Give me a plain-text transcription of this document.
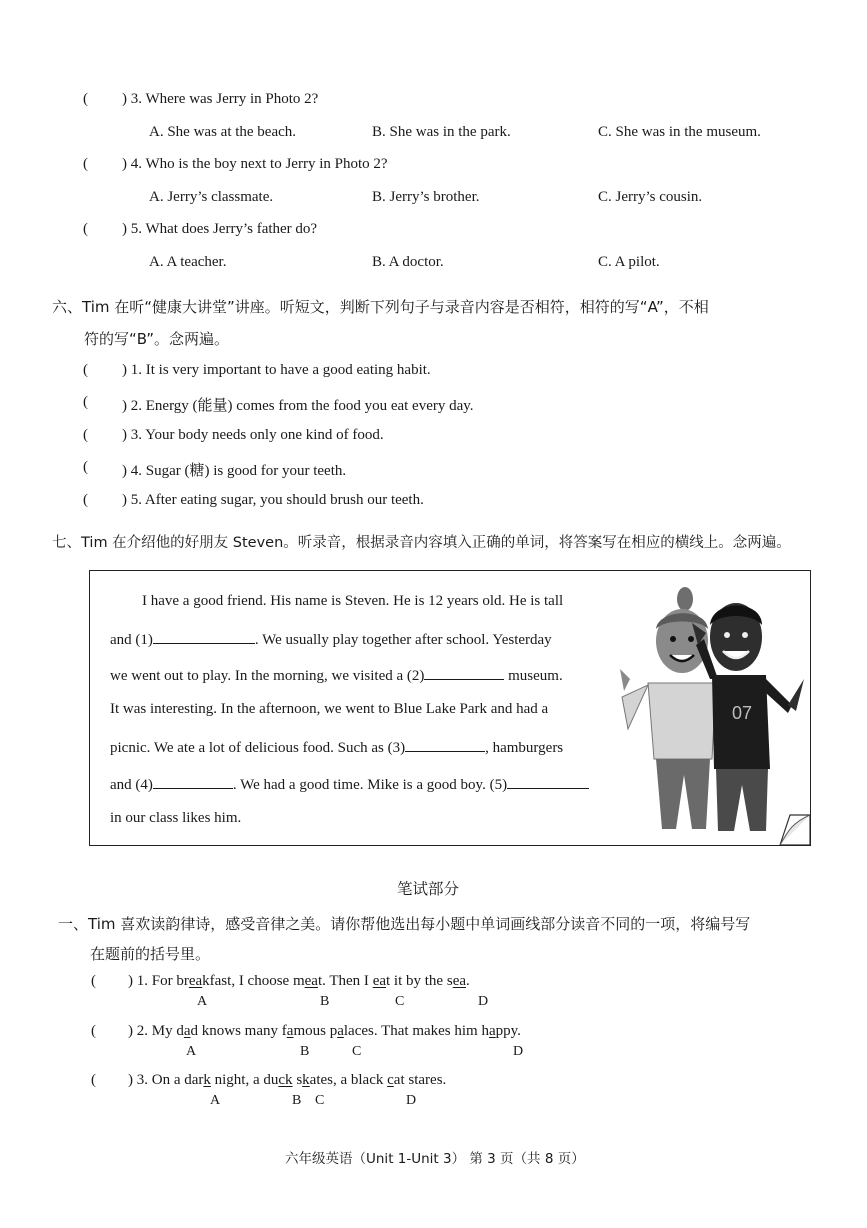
( ) 3. Where was Jerry in Photo 2?
A. She was at the beach.	B. She was in the park.	C. She was in the museum.
( ) 4. Who is the boy next to Jerry in Photo 2?
A. Jerry’s classmate.	B. Jerry’s brother.	C. Jerry’s cousin.
( ) 5. What does Jerry’s father do?
A. A teacher.	B. A doctor.	C. A pilot.
六、Tim 在听“健康大讲堂”讲座。听短文，判断下列句子与录音内容是否相符，相符的写“A”，不相
符的写“B”。念两遍。
( ) 1. It is very important to have a good eating habit.
( ) 2. Energy (能量) comes from the food you eat every day.
( ) 3. Your body needs only one kind of food.
( ) 4. Sugar (糖) is good for your teeth.
( ) 5. After eating sugar, you should brush our teeth.
七、Tim 在介绍他的好朋友 Steven。听录音，根据录音内容填入正确的单词，将答案写在相应的横线上。念两遍。
I have a good friend. His name is Steven. He is 12 years old. He is tall
and (1)	. We usually play together after school. Yesterday
we went out to play. In the morning, we visited a (2)	museum.
It was interesting. In the afternoon, we went to Blue Lake Park and had a
picnic. We ate a lot of delicious food. Such as (3)	, hamburgers
and (4)	. We had a good time. Mike is a good boy. (5)
in our class likes him.
07
笔试部分
一、Tim 喜欢读韵律诗，感受音律之美。请你帮他选出每小题中单词画线部分读音不同的一项，将编号写
在题前的括号里。
( ) 1. For breakfast, I choose meat. Then I eat it by the sea.
A	B	C	D
( ) 2. My dad knows many famous palaces. That makes him happy.
A	B	C	D
( ) 3. On a dark night, a duck skates, a black cat stares.
A	B C	D
六年级英语（Unit 1-Unit 3） 第 3 页（共 8 页）
